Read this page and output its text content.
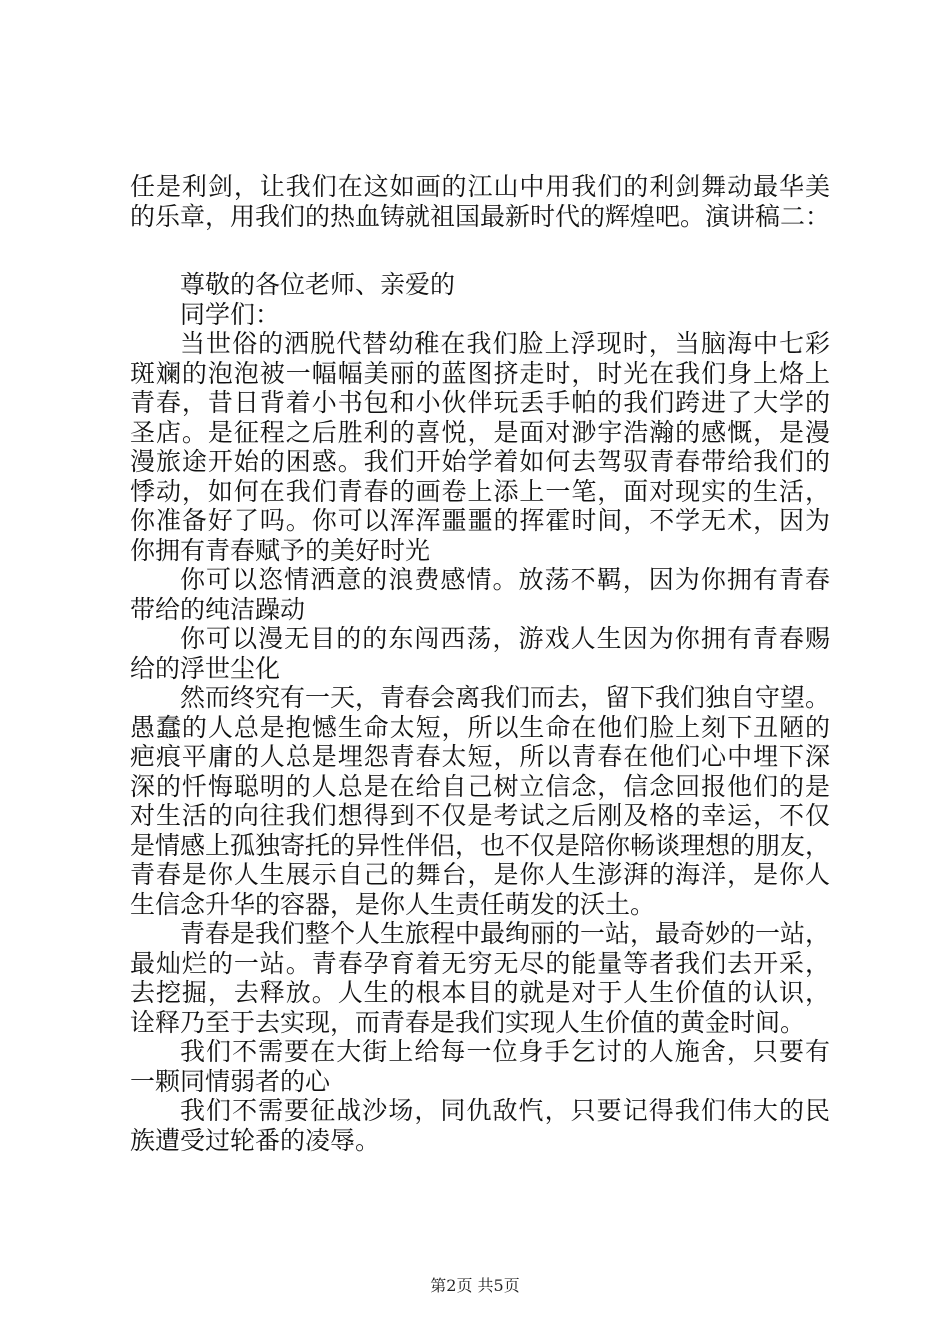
任是利剑，让我们在这如画的江山中用我们的利剑舞动最华美
的乐章，用我们的热血铸就祖国最新时代的辉煌吧。演讲稿二：
尊敬的各位老师、亲爱的
同学们：
当世俗的洒脱代替幼稚在我们脸上浮现时，当脑海中七彩
斑斓的泡泡被一幅幅美丽的蓝图挤走时，时光在我们身上烙上
青春，昔日背着小书包和小伙伴玩丢手帕的我们跨进了大学的
圣店。是征程之后胜利的喜悦，是面对渺宇浩瀚的感慨，是漫
漫旅途开始的困惑。我们开始学着如何去驾驭青春带给我们的
悸动，如何在我们青春的画卷上添上一笔，面对现实的生活，
你准备好了吗。你可以浑浑噩噩的挥霍时间，不学无术，因为
你拥有青春赋予的美好时光
你可以恣情洒意的浪费感情。放荡不羁，因为你拥有青春
带给的纯洁躁动
你可以漫无目的的东闯西荡，游戏人生因为你拥有青春赐
给的浮世尘化
然而终究有一天，青春会离我们而去，留下我们独自守望。
愚蠢的人总是抱憾生命太短，所以生命在他们脸上刻下丑陋的
疤痕平庸的人总是埋怨青春太短，所以青春在他们心中埋下深
深的忏悔聪明的人总是在给自己树立信念，信念回报他们的是
对生活的向往我们想得到不仅是考试之后刚及格的幸运，不仅
是情感上孤独寄托的异性伴侣，也不仅是陪你畅谈理想的朋友，
青春是你人生展示自己的舞台，是你人生澎湃的海洋，是你人
生信念升华的容器，是你人生责任萌发的沃土。
青春是我们整个人生旅程中最绚丽的一站，最奇妙的一站，
最灿烂的一站。青春孕育着无穷无尽的能量等者我们去开采，
去挖掘，去释放。人生的根本目的就是对于人生价值的认识，
诠释乃至于去实现，而青春是我们实现人生价值的黄金时间。
我们不需要在大街上给每一位身手乞讨的人施舍，只要有
一颗同情弱者的心
我们不需要征战沙场，同仇敌忾，只要记得我们伟大的民
族遭受过轮番的凌辱。
第2页 共5页
